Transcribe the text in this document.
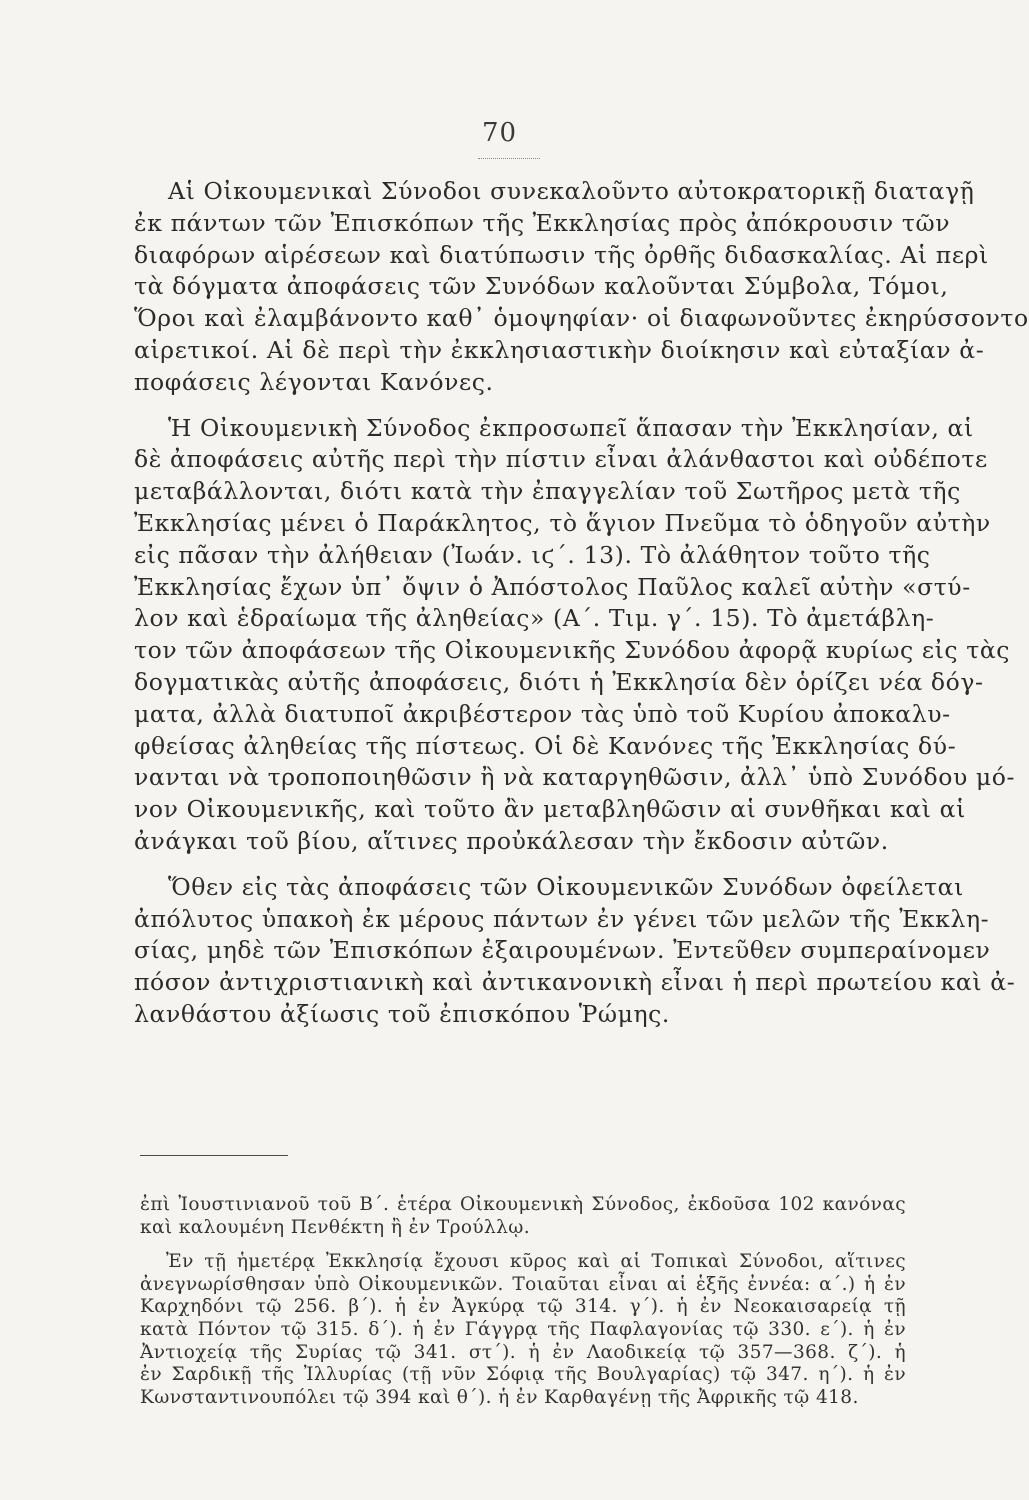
70

Αἱ Οἰκουμενικαὶ Σύνοδοι συνεκαλοῦντο αὐτοκρατορικῇ διαταγῇ
ἐκ πάντων τῶν Ἐπισκόπων τῆς Ἐκκλησίας πρὸς ἀπόκρουσιν τῶν
διαφόρων αἱρέσεων καὶ διατύπωσιν τῆς ὀρθῆς διδασκαλίας. Αἱ περὶ
τὰ δόγματα ἀποφάσεις τῶν Συνόδων καλοῦνται Σύμβολα, Τόμοι,
Ὅροι καὶ ἐλαμβάνοντο καθ᾽ ὁμοψηφίαν· οἱ διαφωνοῦντες ἐκηρύσσοντο
αἱρετικοί. Αἱ δὲ περὶ τὴν ἐκκλησιαστικὴν διοίκησιν καὶ εὐταξίαν ἀ-
ποφάσεις λέγονται Κανόνες.

Ἡ Οἰκουμενικὴ Σύνοδος ἐκπροσωπεῖ ἅπασαν τὴν Ἐκκλησίαν, αἱ
δὲ ἀποφάσεις αὐτῆς περὶ τὴν πίστιν εἶναι ἀλάνθαστοι καὶ οὐδέποτε
μεταβάλλονται, διότι κατὰ τὴν ἐπαγγελίαν τοῦ Σωτῆρος μετὰ τῆς
Ἐκκλησίας μένει ὁ Παράκλητος, τὸ ἅγιον Πνεῦμα τὸ ὁδηγοῦν αὐτὴν
εἰς πᾶσαν τὴν ἀλήθειαν (Ἰωάν. ιϛ΄. 13). Τὸ ἀλάθητον τοῦτο τῆς
Ἐκκλησίας ἔχων ὑπ᾽ ὄψιν ὁ Ἀπόστολος Παῦλος καλεῖ αὐτὴν «στύ-
λον καὶ ἑδραίωμα τῆς ἀληθείας» (Α΄. Τιμ. γ΄. 15). Τὸ ἀμετάβλη-
τον τῶν ἀποφάσεων τῆς Οἰκουμενικῆς Συνόδου ἀφορᾷ κυρίως εἰς τὰς
δογματικὰς αὐτῆς ἀποφάσεις, διότι ἡ Ἐκκλησία δὲν ὁρίζει νέα δόγ-
ματα, ἀλλὰ διατυποῖ ἀκριβέστερον τὰς ὑπὸ τοῦ Κυρίου ἀποκαλυ-
φθείσας ἀληθείας τῆς πίστεως. Οἱ δὲ Κανόνες τῆς Ἐκκλησίας δύ-
νανται νὰ τροποποιηθῶσιν ἢ νὰ καταργηθῶσιν, ἀλλ᾽ ὑπὸ Συνόδου μό-
νον Οἰκουμενικῆς, καὶ τοῦτο ἂν μεταβληθῶσιν αἱ συνθῆκαι καὶ αἱ
ἀνάγκαι τοῦ βίου, αἵτινες προὐκάλεσαν τὴν ἔκδοσιν αὐτῶν.

Ὅθεν εἰς τὰς ἀποφάσεις τῶν Οἰκουμενικῶν Συνόδων ὀφείλεται
ἀπόλυτος ὑπακοὴ ἐκ μέρους πάντων ἐν γένει τῶν μελῶν τῆς Ἐκκλη-
σίας, μηδὲ τῶν Ἐπισκόπων ἐξαιρουμένων. Ἐντεῦθεν συμπεραίνομεν
πόσον ἀντιχριστιανικὴ καὶ ἀντικανονικὴ εἶναι ἡ περὶ πρωτείου καὶ ἀ-
λανθάστου ἀξίωσις τοῦ ἐπισκόπου Ῥώμης.

ἐπὶ Ἰουστινιανοῦ τοῦ Β΄. ἑτέρα Οἰκουμενικὴ Σύνοδος, ἐκδοῦσα 102 κανόνας
καὶ καλουμένη Πενθέκτη ἢ ἐν Τρούλλῳ.
Ἐν τῇ ἡμετέρᾳ Ἐκκλησίᾳ ἔχουσι κῦρος καὶ αἱ Τοπικαὶ Σύνοδοι, αἵτινες
ἀνεγνωρίσθησαν ὑπὸ Οἰκουμενικῶν. Τοιαῦται εἶναι αἱ ἑξῆς ἐννέα: α΄.) ἡ ἐν
Καρχηδόνι τῷ 256. β΄). ἡ ἐν Ἀγκύρᾳ τῷ 314. γ΄). ἡ ἐν Νεοκαισαρείᾳ τῇ
κατὰ Πόντον τῷ 315. δ΄). ἡ ἐν Γάγγρᾳ τῆς Παφλαγονίας τῷ 330. ε΄). ἡ ἐν
Ἀντιοχείᾳ τῆς Συρίας τῷ 341. στ΄). ἡ ἐν Λαοδικείᾳ τῷ 357—368. ζ΄). ἡ
ἐν Σαρδικῇ τῆς Ἰλλυρίας (τῇ νῦν Σόφιᾳ τῆς Βουλγαρίας) τῷ 347. η΄). ἡ ἐν
Κωνσταντινουπόλει τῷ 394 καὶ θ΄). ἡ ἐν Καρθαγένῃ τῆς Ἀφρικῆς τῷ 418.
